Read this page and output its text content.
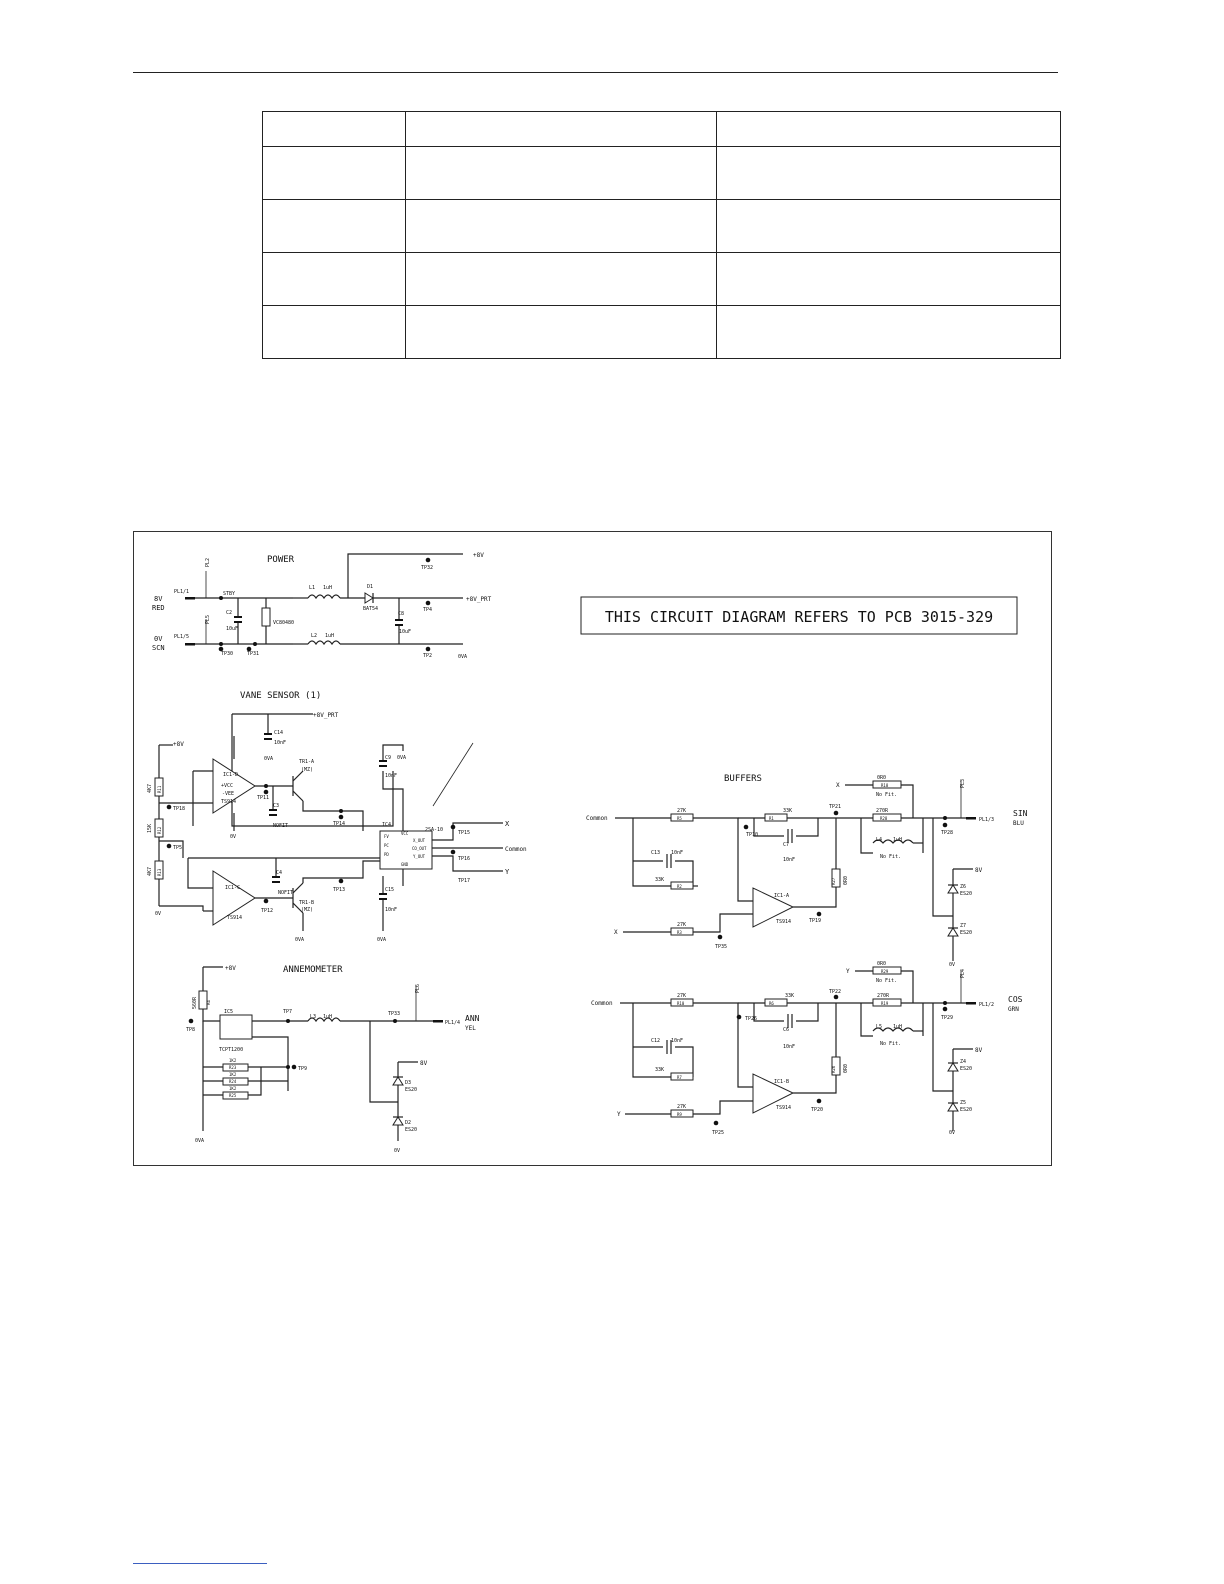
POWER
8V
RED
PL1/1
0V
SCN
PL1/5
PL2
PL5
STBY
C2
10uF
VC80480
TP30	TP31
L1 1uH
L2 1uH
D1
BAT54
TP32
+8V
+8V_PRT
TP4
C8
10uF
TP2	0VA
THIS CIRCUIT DIAGRAM REFERS TO PCB 3015-329
VANE SENSOR (1)
+8V_PRT
C14
10nF
0VA
+8V
4K7
15K
4K7
R11
R12
R13
0V
TP18
TP5
IC1-D
+VCC
-VEE
TS914
0V
TP11
C3
NOFIT
TR1-A
(MZ)
TP14
IC1-C
TS914
TP12
C4
NOFIT
TR1-B
(MZ)
0VA
TP13
IC4
2SA-10
FV
PC
PD
VCC
GND
X_OUT
CO_OUT
Y_OUT
C9
10nF
0VA
C15
10nF
0VA
X
Common
Y
TP15
TP16
TP17
ANNEMOMETER
+8V
560R R4
TP8
IC5
TCPT1200
1K2
R23
1K2
R24
1K2
R25
TP9
0VA
TP7
L3 1uH	TP33
PL6
PL1/4 ANN
YEL
8V
D3
ES20
D2
ES20
0V
BUFFERS
Common
27K
R5
C13 10nF
33K
R2
X
27K
R3
TP35
IC1-A
TS914
33K
R1
C7
10nF
TP10
TP19
R27 0R0
TP21
270R
R28
X
0R0
R18
No Fit.
L4 1uH
No Fit.
PL3
PL1/3
SIN
BLU
TP28
8V
Z6
ES20
Z7
ES20
0V
Common
27K
R10
C12 10nF
33K
R7
Y
27K
R9
TP25
IC1-B
TS914
33K
R6
C6
10nF
TP26
TP20
R26 0R0
TP22
270R
R19
Y
0R0
R29
No Fit.
L5 1uH
No Fit.
PL4
PL1/2
COS
GRN
TP29
8V
Z4
ES20
Z5
ES20
0V
